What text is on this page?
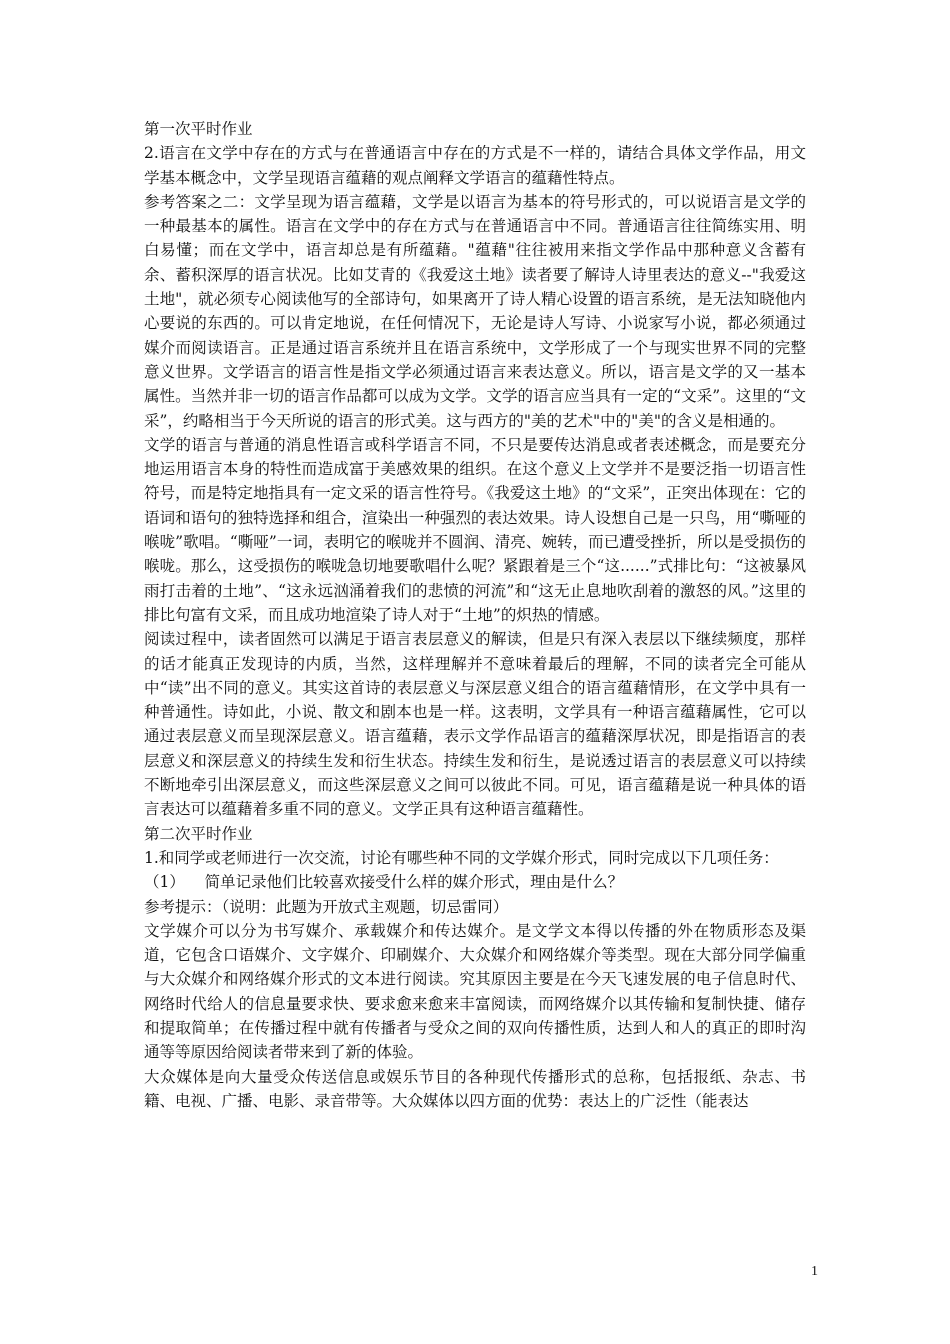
第一次平时作业

2.语言在文学中存在的方式与在普通语言中存在的方式是不一样的，请结合具体文学作品，用文学基本概念中，文学呈现语言蕴藉的观点阐释文学语言的蕴藉性特点。

参考答案之二：文学呈现为语言蕴藉，文学是以语言为基本的符号形式的，可以说语言是文学的一种最基本的属性。语言在文学中的存在方式与在普通语言中不同。普通语言往往简练实用、明白易懂；而在文学中，语言却总是有所蕴藉。"蕴藉"往往被用来指文学作品中那种意义含蓄有余、蓄积深厚的语言状况。比如艾青的《我爱这土地》读者要了解诗人诗里表达的意义--"我爱这土地"，就必须专心阅读他写的全部诗句，如果离开了诗人精心设置的语言系统，是无法知晓他内心要说的东西的。可以肯定地说，在任何情况下，无论是诗人写诗、小说家写小说，都必须通过媒介而阅读语言。正是通过语言系统并且在语言系统中，文学形成了一个与现实世界不同的完整意义世界。文学语言的语言性是指文学必须通过语言来表达意义。所以，语言是文学的又一基本属性。当然并非一切的语言作品都可以成为文学。文学的语言应当具有一定的“文采”。这里的“文采”，约略相当于今天所说的语言的形式美。这与西方的"美的艺术"中的"美"的含义是相通的。

文学的语言与普通的消息性语言或科学语言不同，不只是要传达消息或者表述概念，而是要充分地运用语言本身的特性而造成富于美感效果的组织。在这个意义上文学并不是要泛指一切语言性符号，而是特定地指具有一定文采的语言性符号。《我爱这土地》的“文采”，正突出体现在：它的语词和语句的独特选择和组合，渲染出一种强烈的表达效果。诗人设想自己是一只鸟，用“嘶哑的喉咙”歌唱。“嘶哑”一词，表明它的喉咙并不圆润、清亮、婉转，而已遭受挫折，所以是受损伤的喉咙。那么，这受损伤的喉咙急切地要歌唱什么呢？紧跟着是三个“这......”式排比句：“这被暴风雨打击着的土地”、“这永远汹涌着我们的悲愤的河流”和“这无止息地吹刮着的激怒的风。”这里的排比句富有文采，而且成功地渲染了诗人对于“土地”的炽热的情感。

阅读过程中，读者固然可以满足于语言表层意义的解读，但是只有深入表层以下继续频度，那样的话才能真正发现诗的内质，当然，这样理解并不意味着最后的理解，不同的读者完全可能从中“读”出不同的意义。其实这首诗的表层意义与深层意义组合的语言蕴藉情形，在文学中具有一种普通性。诗如此，小说、散文和剧本也是一样。这表明，文学具有一种语言蕴藉属性，它可以通过表层意义而呈现深层意义。语言蕴藉，表示文学作品语言的蕴藉深厚状况，即是指语言的表层意义和深层意义的持续生发和衍生状态。持续生发和衍生，是说透过语言的表层意义可以持续不断地牵引出深层意义，而这些深层意义之间可以彼此不同。可见，语言蕴藉是说一种具体的语言表达可以蕴藉着多重不同的意义。文学正具有这种语言蕴藉性。

第二次平时作业

1.和同学或老师进行一次交流，讨论有哪些种不同的文学媒介形式，同时完成以下几项任务：

（1）    简单记录他们比较喜欢接受什么样的媒介形式，理由是什么？

参考提示：（说明：此题为开放式主观题，切忌雷同）

文学媒介可以分为书写媒介、承载媒介和传达媒介。是文学文本得以传播的外在物质形态及渠道，它包含口语媒介、文字媒介、印刷媒介、大众媒介和网络媒介等类型。现在大部分同学偏重与大众媒介和网络媒介形式的文本进行阅读。究其原因主要是在今天飞速发展的电子信息时代、网络时代给人的信息量要求快、要求愈来愈来丰富阅读，而网络媒介以其传输和复制快捷、储存和提取简单；在传播过程中就有传播者与受众之间的双向传播性质，达到人和人的真正的即时沟通等等原因给阅读者带来到了新的体验。

大众媒体是向大量受众传送信息或娱乐节目的各种现代传播形式的总称，包括报纸、杂志、书籍、电视、广播、电影、录音带等。大众媒体以四方面的优势：表达上的广泛性（能表达

1
